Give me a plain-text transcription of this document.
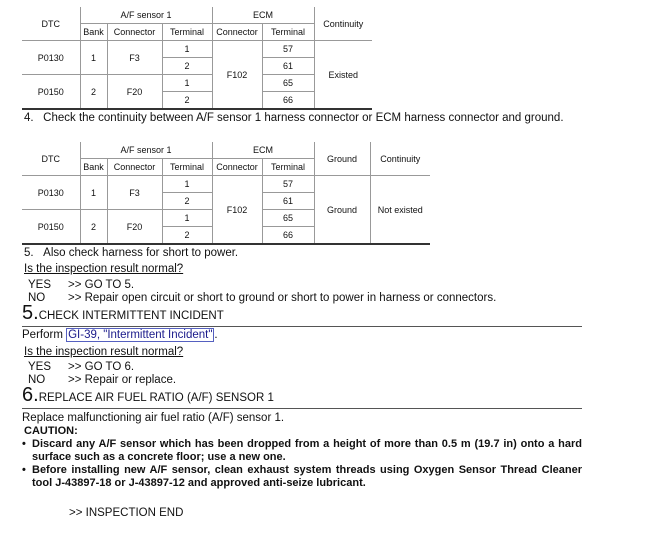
DTC	A/F sensor 1			ECM		Continuity
	Bank	Connector	Terminal	Connector	Terminal	
P0130	1	F3	1	F102	57	Existed
			2		61	
P0150	2	F20	1		65	
			2		66	
4.   Check the continuity between A/F sensor 1 harness connector or ECM harness connector and ground.
DTC	A/F sensor 1			ECM		Ground	Continuity
	Bank	Connector	Terminal	Connector	Terminal		
P0130	1	F3	1	F102	57	Ground	Not existed
			2		61		
P0150	2	F20	1		65		
			2		66		
5.   Also check harness for short to power.
Is the inspection result normal?
YES >> GO TO 5.
NO >> Repair open circuit or short to ground or short to power in harness or connectors.
5.CHECK INTERMITTENT INCIDENT
Perform GI-39, "Intermittent Incident" .
Is the inspection result normal?
YES >> GO TO 6.
NO >> Repair or replace.
6.REPLACE AIR FUEL RATIO (A/F) SENSOR 1
Replace malfunctioning air fuel ratio (A/F) sensor 1.
CAUTION:
• Discard any A/F sensor which has been dropped from a height of more than 0.5 m (19.7 in) onto a hard surface such as a concrete floor; use a new one.
• Before installing new A/F sensor, clean exhaust system threads using Oxygen Sensor Thread Cleaner tool J-43897-18 or J-43897-12 and approved anti-seize lubricant.
>> INSPECTION END
